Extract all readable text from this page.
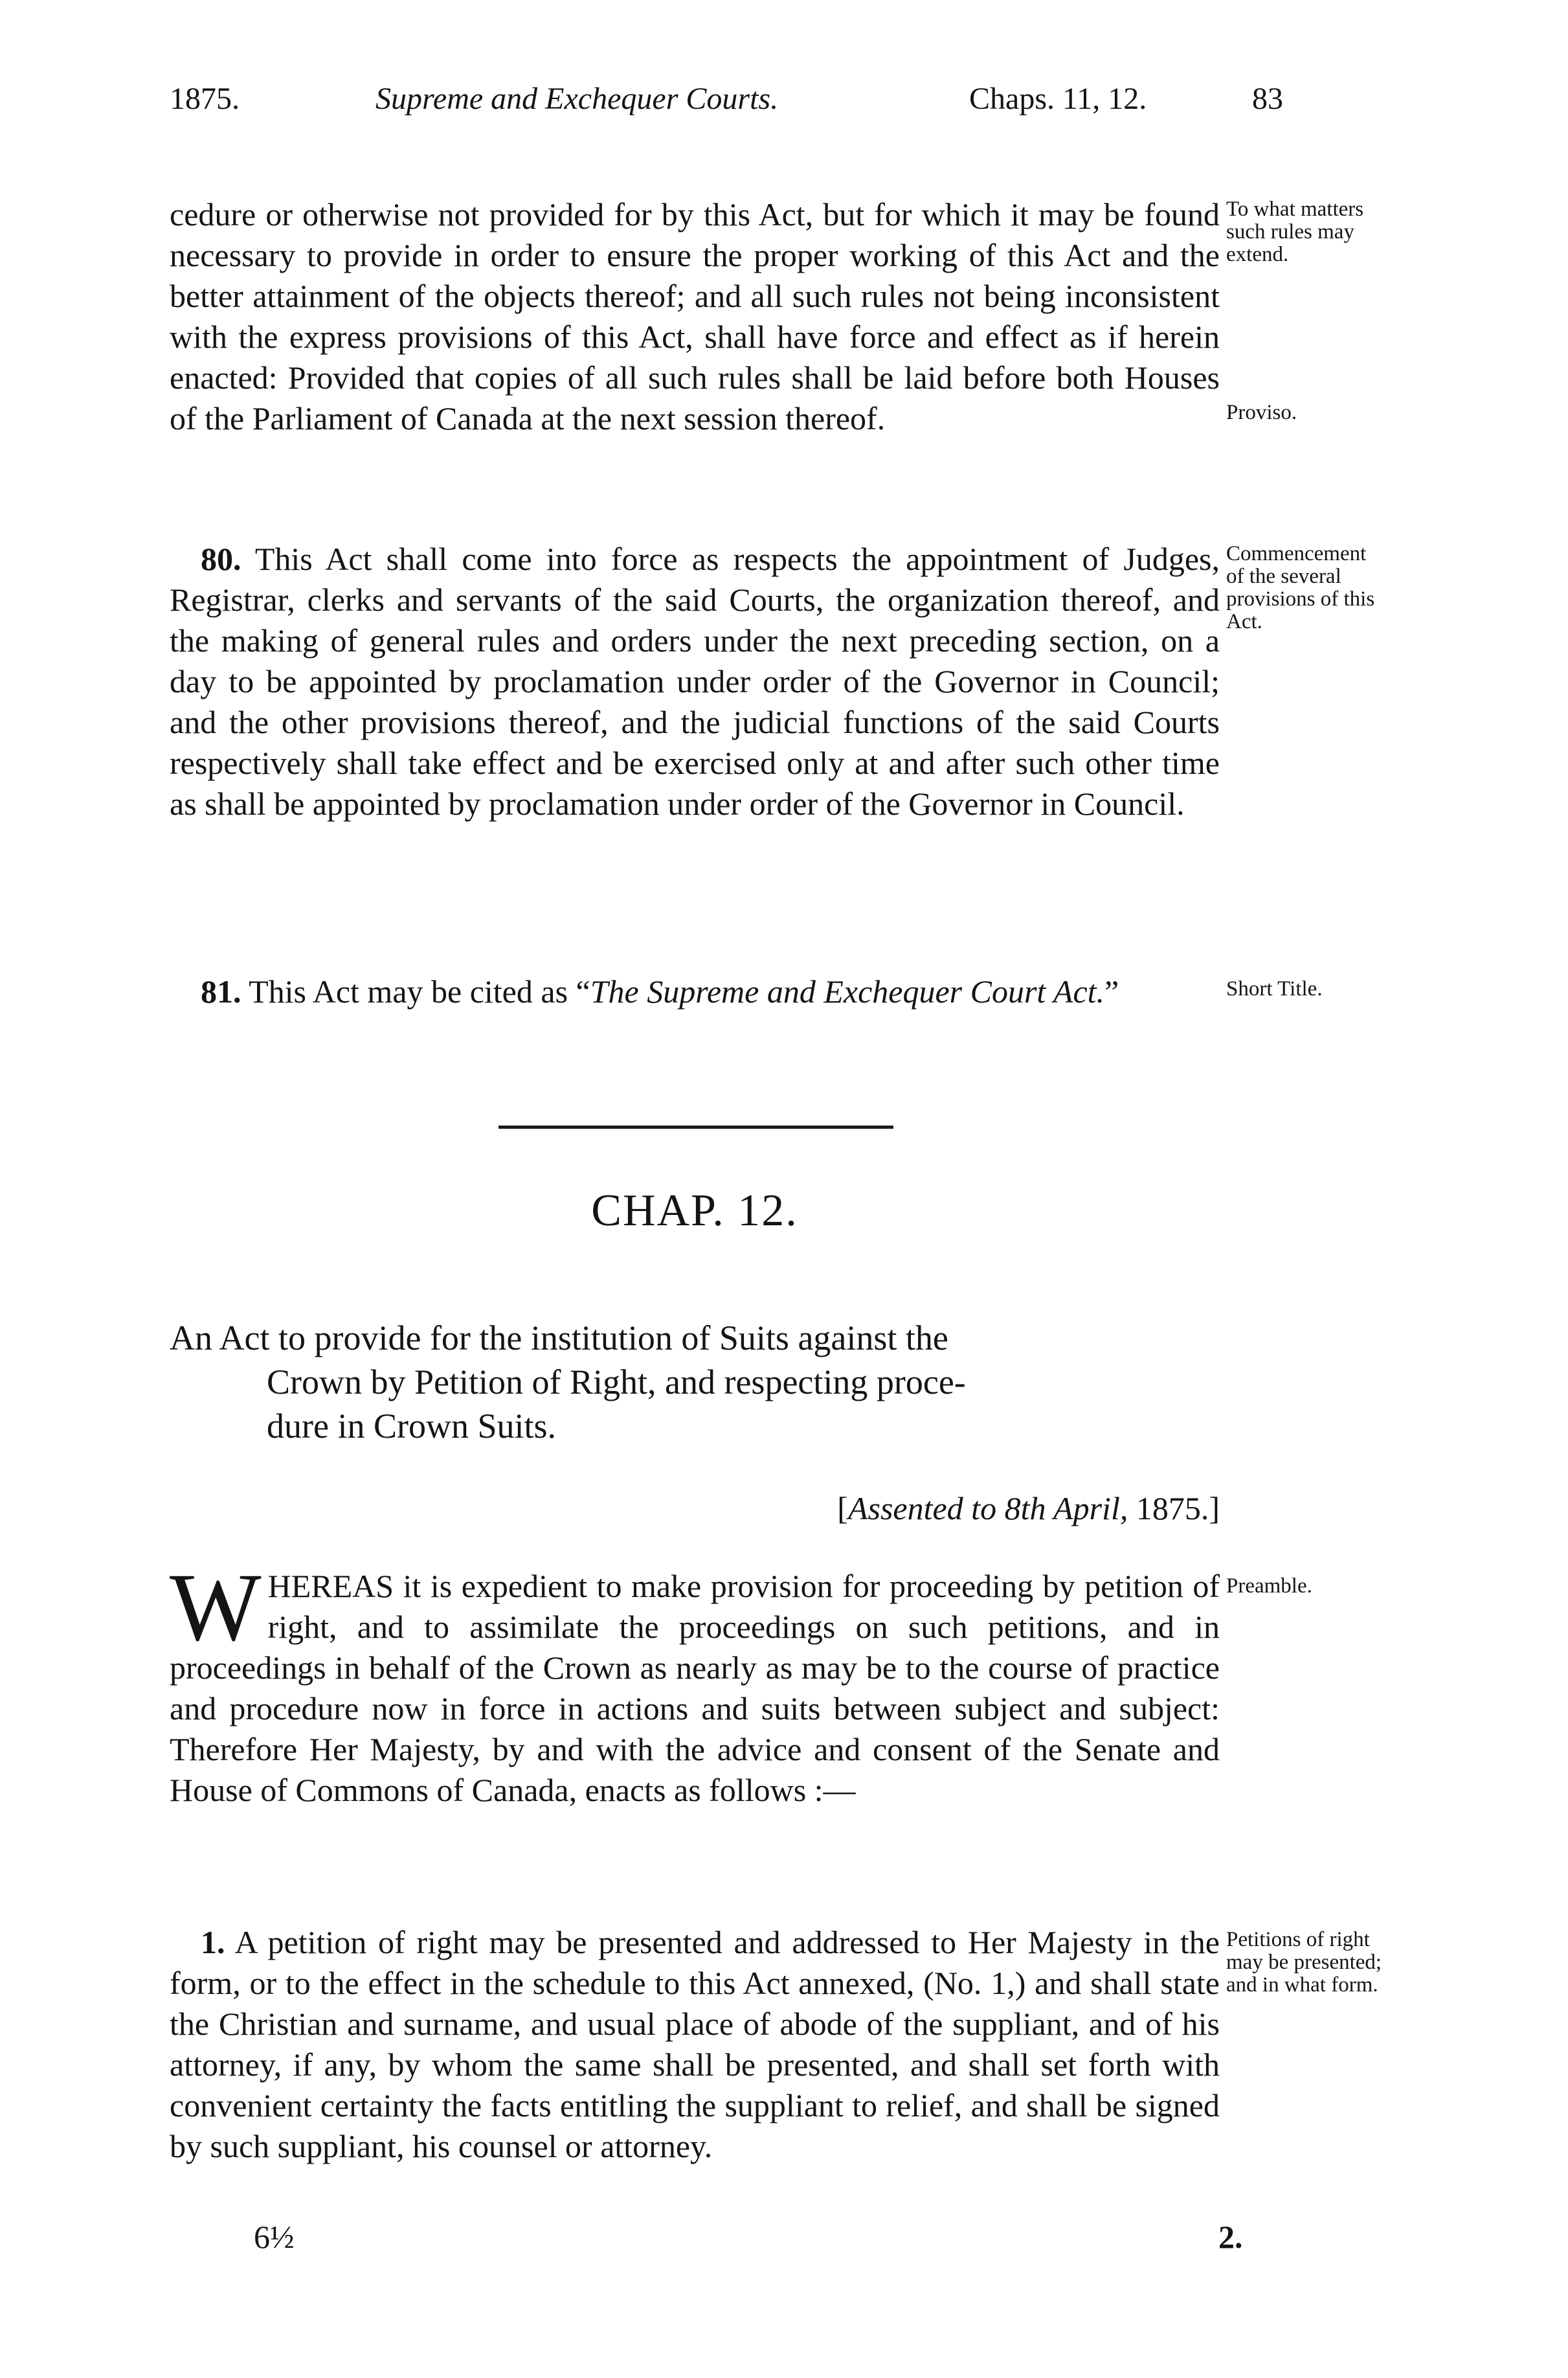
1875.	Supreme and Exchequer Courts.	Chaps. 11, 12.	83

cedure or otherwise not provided for by this Act, but for which it may be found necessary to provide in order to ensure the proper working of this Act and the better attainment of the objects thereof; and all such rules not being inconsistent with the express provisions of this Act, shall have force and effect as if herein enacted: Provided that copies of all such rules shall be laid before both Houses of the Parliament of Canada at the next session thereof.

To what matters such rules may extend.
Proviso.

80. This Act shall come into force as respects the appointment of Judges, Registrar, clerks and servants of the said Courts, the organization thereof, and the making of general rules and orders under the next preceding section, on a day to be appointed by proclamation under order of the Governor in Council; and the other provisions thereof, and the judicial functions of the said Courts respectively shall take effect and be exercised only at and after such other time as shall be appointed by proclamation under order of the Governor in Council.

Commencement of the several provisions of this Act.

81. This Act may be cited as “The Supreme and Exchequer Court Act.”	Short Title.
CHAP. 12.
An Act to provide for the institution of Suits against the
Crown by Petition of Right, and respecting proce-
dure in Crown Suits.
[Assented to 8th April, 1875.]

WHEREAS it is expedient to make provision for proceeding by petition of right, and to assimilate the proceedings on such petitions, and in proceedings in behalf of the Crown as nearly as may be to the course of practice and procedure now in force in actions and suits between subject and subject: Therefore Her Majesty, by and with the advice and consent of the Senate and House of Commons of Canada, enacts as follows :—

Preamble.

1. A petition of right may be presented and addressed to Her Majesty in the form, or to the effect in the schedule to this Act annexed, (No. 1,) and shall state the Christian and surname, and usual place of abode of the suppliant, and of his attorney, if any, by whom the same shall be presented, and shall set forth with convenient certainty the facts entitling the suppliant to relief, and shall be signed by such suppliant, his counsel or attorney.

Petitions of right may be presented; and in what form.
6½	2.
